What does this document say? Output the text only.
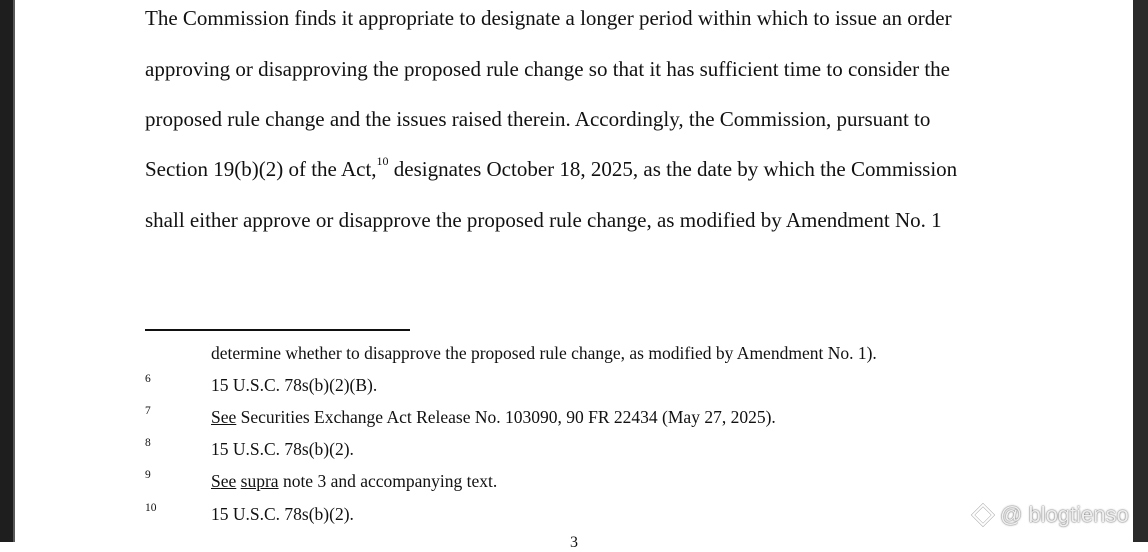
The Commission finds it appropriate to designate a longer period within which to issue an order
approving or disapproving the proposed rule change so that it has sufficient time to consider the
proposed rule change and the issues raised therein. Accordingly, the Commission, pursuant to
Section 19(b)(2) of the Act,$^{10}$ designates October 18, 2025, as the date by which the Commission
shall either approve or disapprove the proposed rule change, as modified by Amendment No. 1
determine whether to disapprove the proposed rule change, as modified by Amendment No. 1).
6	15 U.S.C. 78s(b)(2)(B).
7	See Securities Exchange Act Release No. 103090, 90 FR 22434 (May 27, 2025).
8	15 U.S.C. 78s(b)(2).
9	See supra note 3 and accompanying text.
10	15 U.S.C. 78s(b)(2).
3
@ blogtienso
